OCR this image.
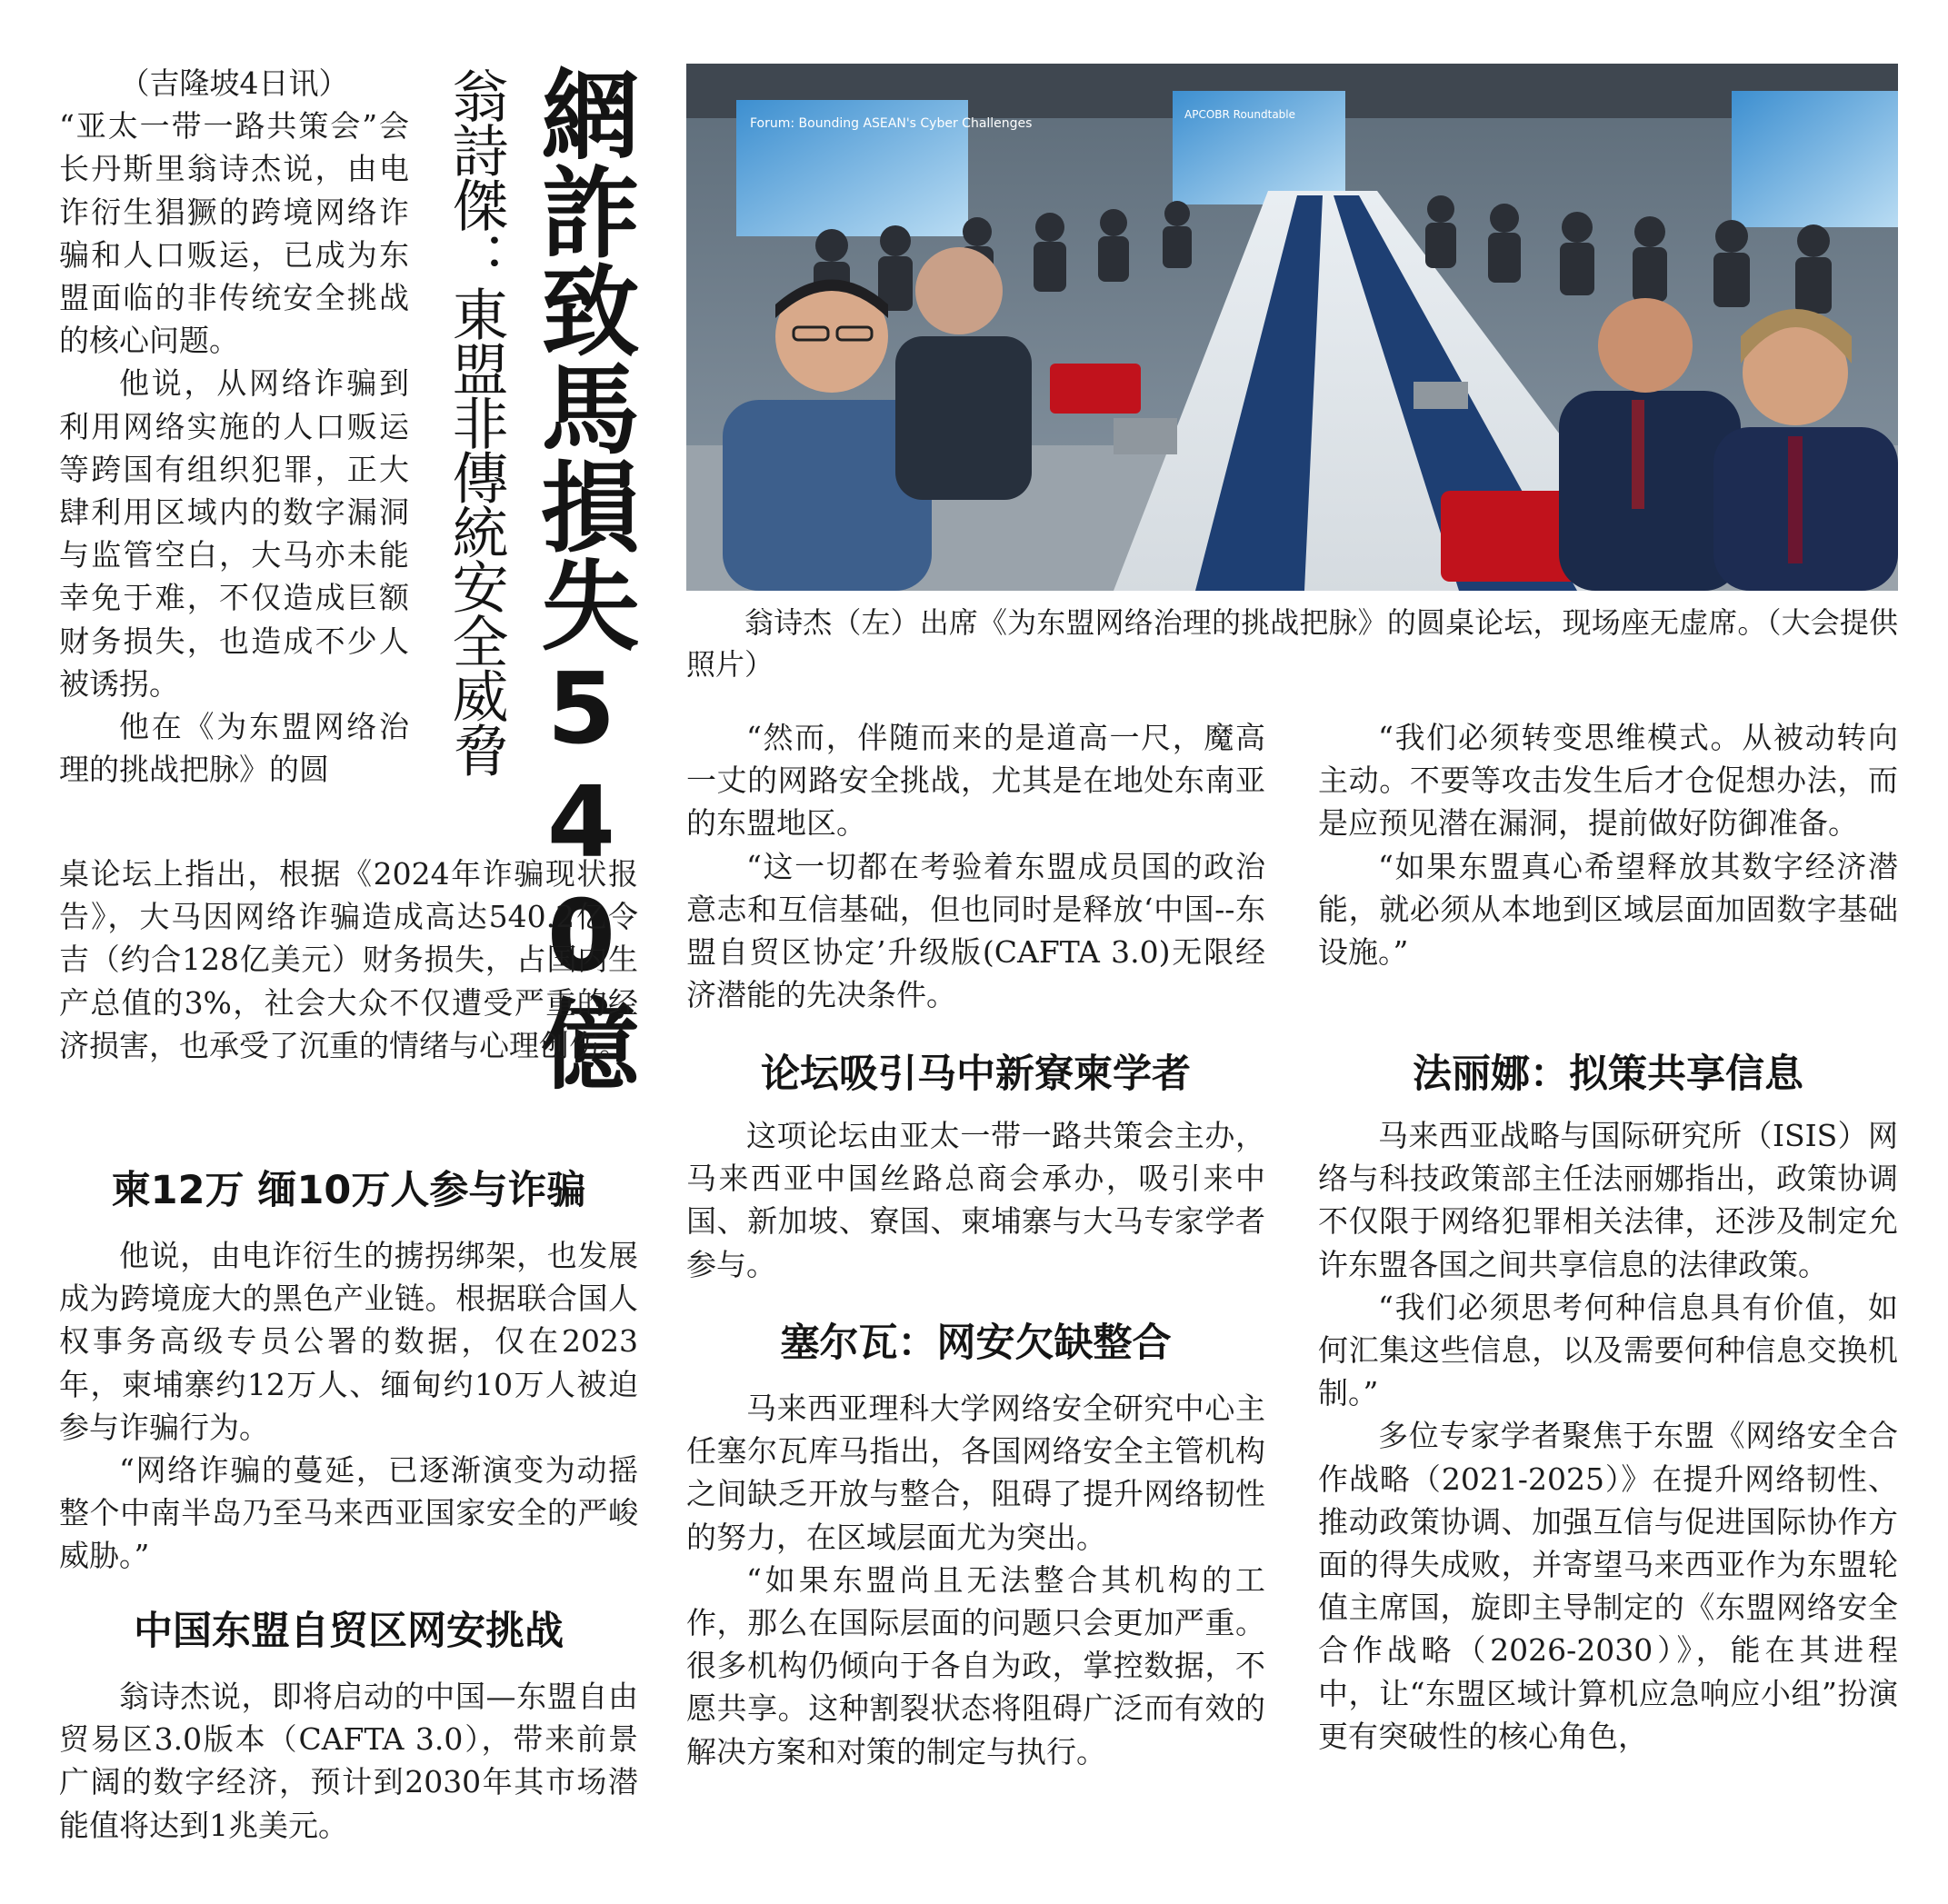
網詐致馬損失540億
翁詩傑：東盟非傳統安全威脅

（吉隆坡4日讯）

“亚太一带一路共策会”会长丹斯里翁诗杰说，由电诈衍生猖獗的跨境网络诈骗和人口贩运，已成为东盟面临的非传统安全挑战的核心问题。

他说，从网络诈骗到利用网络实施的人口贩运等跨国有组织犯罪，正大肆利用区域内的数字漏洞与监管空白，大马亦未能幸免于难，不仅造成巨额财务损失，也造成不少人被诱拐。

他在《为东盟网络治理的挑战把脉》的圆

桌论坛上指出，根据《2024年诈骗现状报告》，大马因网络诈骗造成高达540.2亿令吉（约合128亿美元）财务损失，占国内生产总值的3%，社会大众不仅遭受严重的经济损害，也承受了沉重的情绪与心理创伤。

柬12万 缅10万人参与诈骗

他说，由电诈衍生的掳拐绑架，也发展成为跨境庞大的黑色产业链。根据联合国人权事务高级专员公署的数据，仅在2023年，柬埔寨约12万人、缅甸约10万人被迫参与诈骗行为。

“网络诈骗的蔓延，已逐渐演变为动摇整个中南半岛乃至马来西亚国家安全的严峻威胁。”

中国东盟自贸区网安挑战

翁诗杰说，即将启动的中国—东盟自由贸易区3.0版本（CAFTA 3.0），带来前景广阔的数字经济，预计到2030年其市场潜能值将达到1兆美元。

Forum: Bounding ASEAN's Cyber Challenges
APCOBR Roundtable

翁诗杰（左）出席《为东盟网络治理的挑战把脉》的圆桌论坛，现场座无虚席。（大会提供照片）

“然而，伴随而来的是道高一尺，魔高一丈的网路安全挑战，尤其是在地处东南亚的东盟地区。

“这一切都在考验着东盟成员国的政治意志和互信基础，但也同时是释放‘中国--东盟自贸区协定’升级版(CAFTA 3.0)无限经济潜能的先决条件。

论坛吸引马中新寮柬学者

这项论坛由亚太一带一路共策会主办，马来西亚中国丝路总商会承办，吸引来中国、新加坡、寮国、柬埔寨与大马专家学者参与。

塞尔瓦：网安欠缺整合

马来西亚理科大学网络安全研究中心主任塞尔瓦库马指出，各国网络安全主管机构之间缺乏开放与整合，阻碍了提升网络韧性的努力，在区域层面尤为突出。

“如果东盟尚且无法整合其机构的工作，那么在国际层面的问题只会更加严重。很多机构仍倾向于各自为政，掌控数据，不愿共享。这种割裂状态将阻碍广泛而有效的解决方案和对策的制定与执行。

“我们必须转变思维模式。从被动转向主动。不要等攻击发生后才仓促想办法，而是应预见潜在漏洞，提前做好防御准备。

“如果东盟真心希望释放其数字经济潜能，就必须从本地到区域层面加固数字基础设施。”

法丽娜：拟策共享信息

马来西亚战略与国际研究所（ISIS）网络与科技政策部主任法丽娜指出，政策协调不仅限于网络犯罪相关法律，还涉及制定允许东盟各国之间共享信息的法律政策。

“我们必须思考何种信息具有价值，如何汇集这些信息，以及需要何种信息交换机制。”

多位专家学者聚焦于东盟《网络安全合作战略（2021-2025）》在提升网络韧性、推动政策协调、加强互信与促进国际协作方面的得失成败，并寄望马来西亚作为东盟轮值主席国，旋即主导制定的《东盟网络安全合作战略（2026-2030）》，能在其进程中，让“东盟区域计算机应急响应小组”扮演更有突破性的核心角色，
